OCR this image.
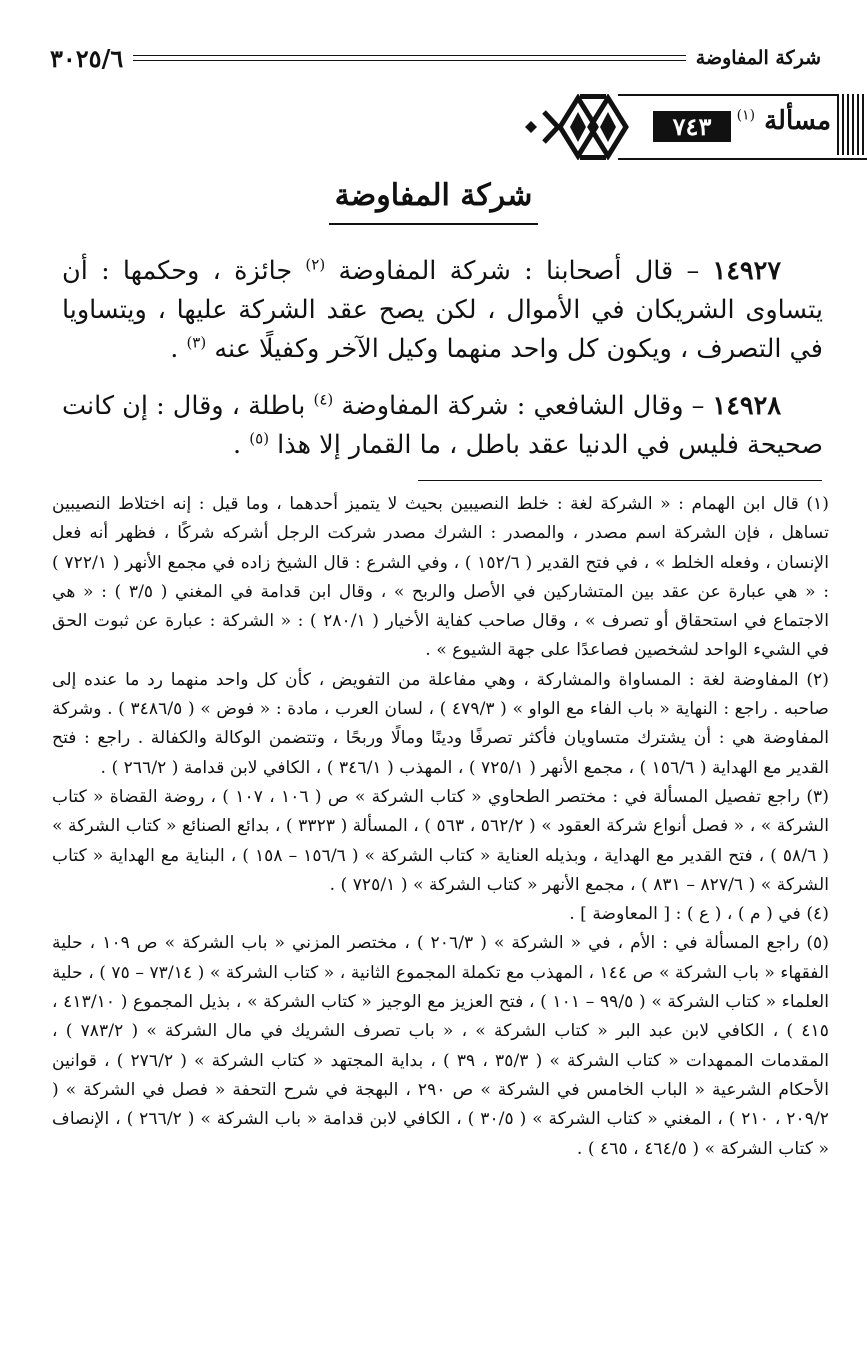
شركة المفاوضة
٣٠٢٥/٦
مسألة $^{(١)}$
٧٤٣
شركة المفاوضة

١٤٩٢٧ – قال أصحابنا : شركة المفاوضة $^{(٢)}$ جائزة ، وحكمها : أن يتساوى الشريكان في الأموال ، لكن يصح عقد الشركة عليها ، ويتساويا في التصرف ، ويكون كل واحد منهما وكيل الآخر وكفيلًا عنه $^{(٣)}$ .

١٤٩٢٨ – وقال الشافعي : شركة المفاوضة $^{(٤)}$ باطلة ، وقال : إن كانت صحيحة فليس في الدنيا عقد باطل ، ما القمار إلا هذا $^{(٥)}$ .

(١) قال ابن الهمام : « الشركة لغة : خلط النصيبين بحيث لا يتميز أحدهما ، وما قيل : إنه اختلاط النصيبين تساهل ، فإن الشركة اسم مصدر ، والمصدر : الشرك مصدر شركت الرجل أشركه شركًا ، فظهر أنه فعل الإنسان ، وفعله الخلط » ، في فتح القدير ( ١٥٢/٦ ) ، وفي الشرع : قال الشيخ زاده في مجمع الأنهر ( ٧٢٢/١ ) : « هي عبارة عن عقد بين المتشاركين في الأصل والربح » ، وقال ابن قدامة في المغني ( ٣/٥ ) : « هي الاجتماع في استحقاق أو تصرف » ، وقال صاحب كفاية الأخيار ( ٢٨٠/١ ) : « الشركة : عبارة عن ثبوت الحق في الشيء الواحد لشخصين فصاعدًا على جهة الشيوع » .

(٢) المفاوضة لغة : المساواة والمشاركة ، وهي مفاعلة من التفويض ، كأن كل واحد منهما رد ما عنده إلى صاحبه . راجع : النهاية « باب الفاء مع الواو » ( ٤٧٩/٣ ) ، لسان العرب ، مادة : « فوض » ( ٣٤٨٦/٥ ) . وشركة المفاوضة هي : أن يشترك متساويان فأكثر تصرفًا ودينًا ومالًا وربحًا ، وتتضمن الوكالة والكفالة . راجع : فتح القدير مع الهداية ( ١٥٦/٦ ) ، مجمع الأنهر ( ٧٢٥/١ ) ، المهذب ( ٣٤٦/١ ) ، الكافي لابن قدامة ( ٢٦٦/٢ ) .

(٣) راجع تفصيل المسألة في : مختصر الطحاوي « كتاب الشركة » ص ( ١٠٦ ، ١٠٧ ) ، روضة القضاة « كتاب الشركة » ، « فصل أنواع شركة العقود » ( ٥٦٢/٢ ، ٥٦٣ ) ، المسألة ( ٣٣٢٣ ) ، بدائع الصنائع « كتاب الشركة » ( ٥٨/٦ ) ، فتح القدير مع الهداية ، وبذيله العناية « كتاب الشركة » ( ١٥٦/٦ – ١٥٨ ) ، البناية مع الهداية « كتاب الشركة » ( ٨٢٧/٦ – ٨٣١ ) ، مجمع الأنهر « كتاب الشركة » ( ٧٢٥/١ ) .

(٤) في ( م ) ، ( ع ) : [ المعاوضة ] .

(٥) راجع المسألة في : الأم ، في « الشركة » ( ٢٠٦/٣ ) ، مختصر المزني « باب الشركة » ص ١٠٩ ، حلية الفقهاء « باب الشركة » ص ١٤٤ ، المهذب مع تكملة المجموع الثانية ، « كتاب الشركة » ( ٧٣/١٤ – ٧٥ ) ، حلية العلماء « كتاب الشركة » ( ٩٩/٥ – ١٠١ ) ، فتح العزيز مع الوجيز « كتاب الشركة » ، بذيل المجموع ( ٤١٣/١٠ ، ٤١٥ ) ، الكافي لابن عبد البر « كتاب الشركة » ، « باب تصرف الشريك في مال الشركة » ( ٧٨٣/٢ ) ، المقدمات الممهدات « كتاب الشركة » ( ٣٥/٣ ، ٣٩ ) ، بداية المجتهد « كتاب الشركة » ( ٢٧٦/٢ ) ، قوانين الأحكام الشرعية « الباب الخامس في الشركة » ص ٢٩٠ ، البهجة في شرح التحفة « فصل في الشركة » ( ٢٠٩/٢ ، ٢١٠ ) ، المغني « كتاب الشركة » ( ٣٠/٥ ) ، الكافي لابن قدامة « باب الشركة » ( ٢٦٦/٢ ) ، الإنصاف « كتاب الشركة » ( ٤٦٤/٥ ، ٤٦٥ ) .
